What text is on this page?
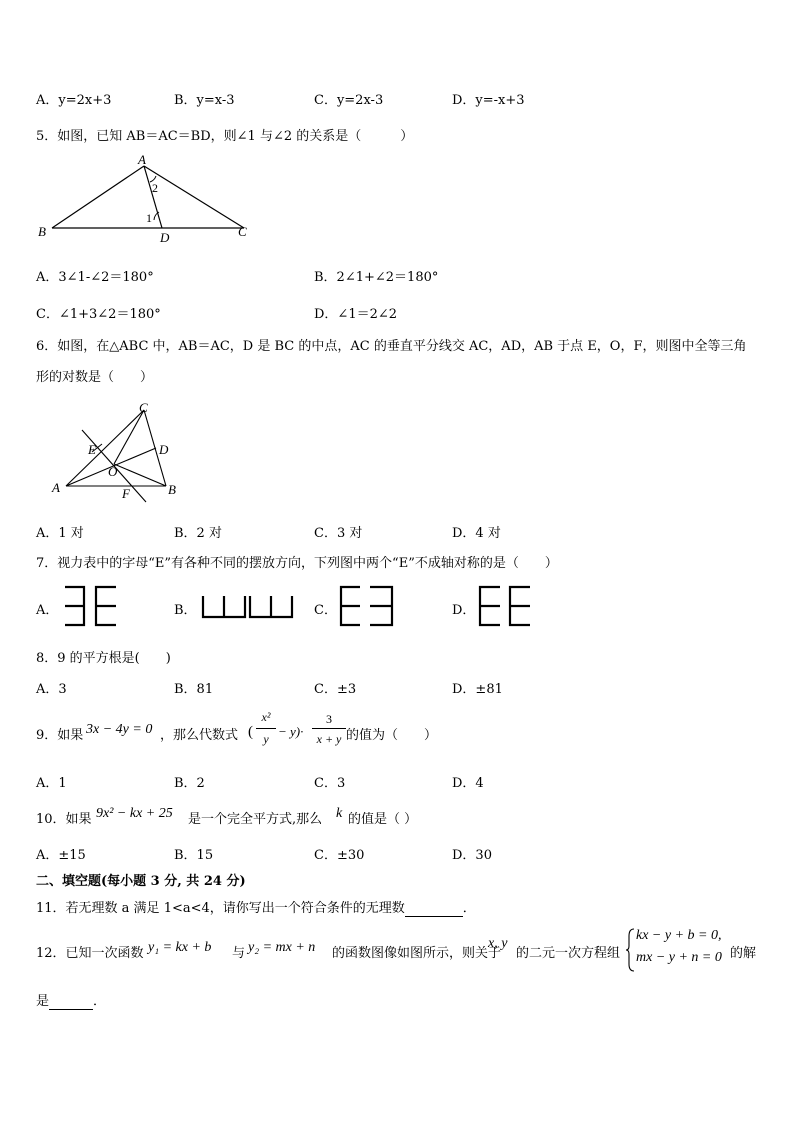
A．y=2x+3	B．y=x-3	C．y=2x-3	D．y=-x+3
5．如图，已知 AB＝AC＝BD，则∠1 与∠2 的关系是（　　　）
A
B	C
D
1
2
A．3∠1-∠2＝180°	B．2∠1+∠2＝180°
C．∠1+3∠2＝180°	D．∠1＝2∠2
6．如图，在△ABC 中，AB＝AC，D 是 BC 的中点，AC 的垂直平分线交 AC，AD，AB 于点 E，O，F，则图中全等三角
形的对数是（　　）
C
D
E
O
A	B
F
A．1 对	B．2 对	C．3 对	D．4 对
7．视力表中的字母“E”有各种不同的摆放方向，下列图中两个“E”不成轴对称的是（　　）
A．	B．	C．	D．
8．9 的平方根是(　　)
A．3	B．81	C．±3	D．±81
9．如果 3x − 4y = 0 ，那么代数式 (
x²
y − y)·
3
x + y 的值为（　　）
A．1	B．2	C．3	D．4
10．如果 9x² − kx + 25 是一个完全平方式,那么 k 的值是（ ）
A．±15	B．15	C．±30	D．30
二、填空题(每小题 3 分, 共 24 分)
11．若无理数 a 满足 1<a<4，请你写出一个符合条件的无理数	．
12．已知一次函数 y₁ = kx + b 与 y₂ = mx + n 的函数图像如图所示，则关于
x, y
的二元一次方程组
kx − y + b = 0,
mx − y + n = 0 的解
是	．
